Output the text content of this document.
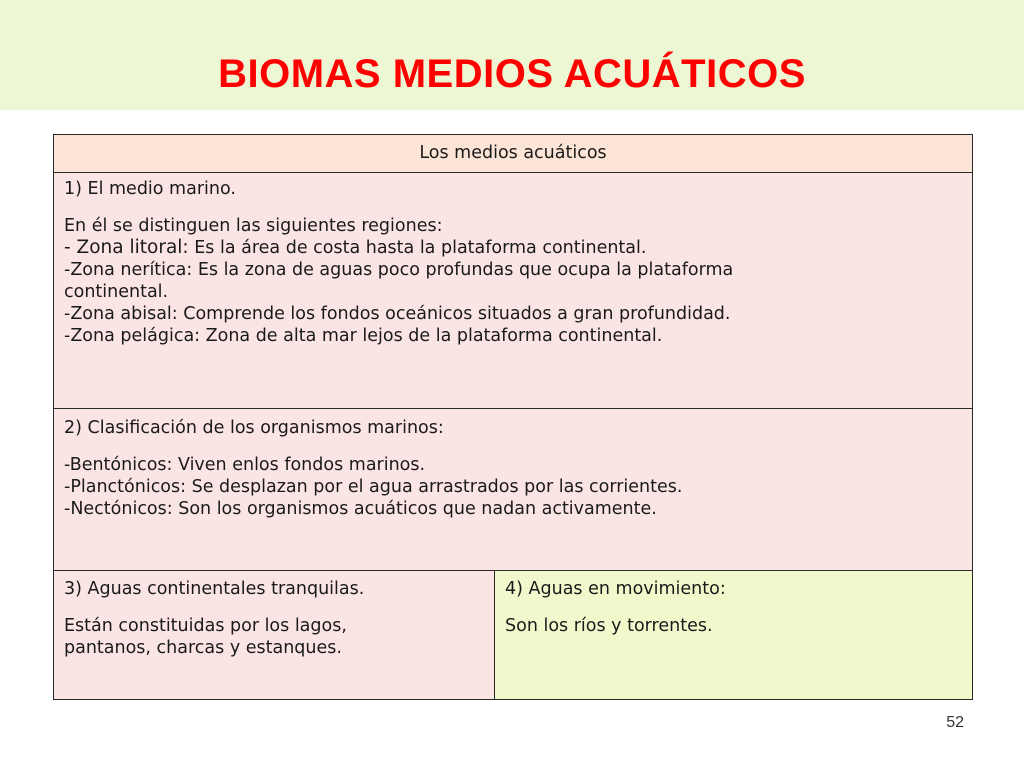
BIOMAS MEDIOS ACUÁTICOS
Los medios acuáticos
1) El medio marino.
En él se distinguen las siguientes regiones:
- Zona litoral: Es la área de costa hasta la plataforma continental.
-Zona nerítica: Es la zona de aguas poco profundas que ocupa la plataforma
continental.
-Zona abisal: Comprende los fondos oceánicos situados a gran profundidad.
-Zona pelágica: Zona de alta mar lejos de la plataforma continental.
2) Clasificación de los organismos marinos:
-Bentónicos: Viven enlos fondos marinos.
-Planctónicos: Se desplazan por el agua arrastrados por las corrientes.
-Nectónicos: Son los organismos acuáticos que nadan activamente.
3) Aguas continentales tranquilas.
Están constituidas por los lagos,
pantanos, charcas y estanques.
4) Aguas en movimiento:
Son los ríos y torrentes.
52
